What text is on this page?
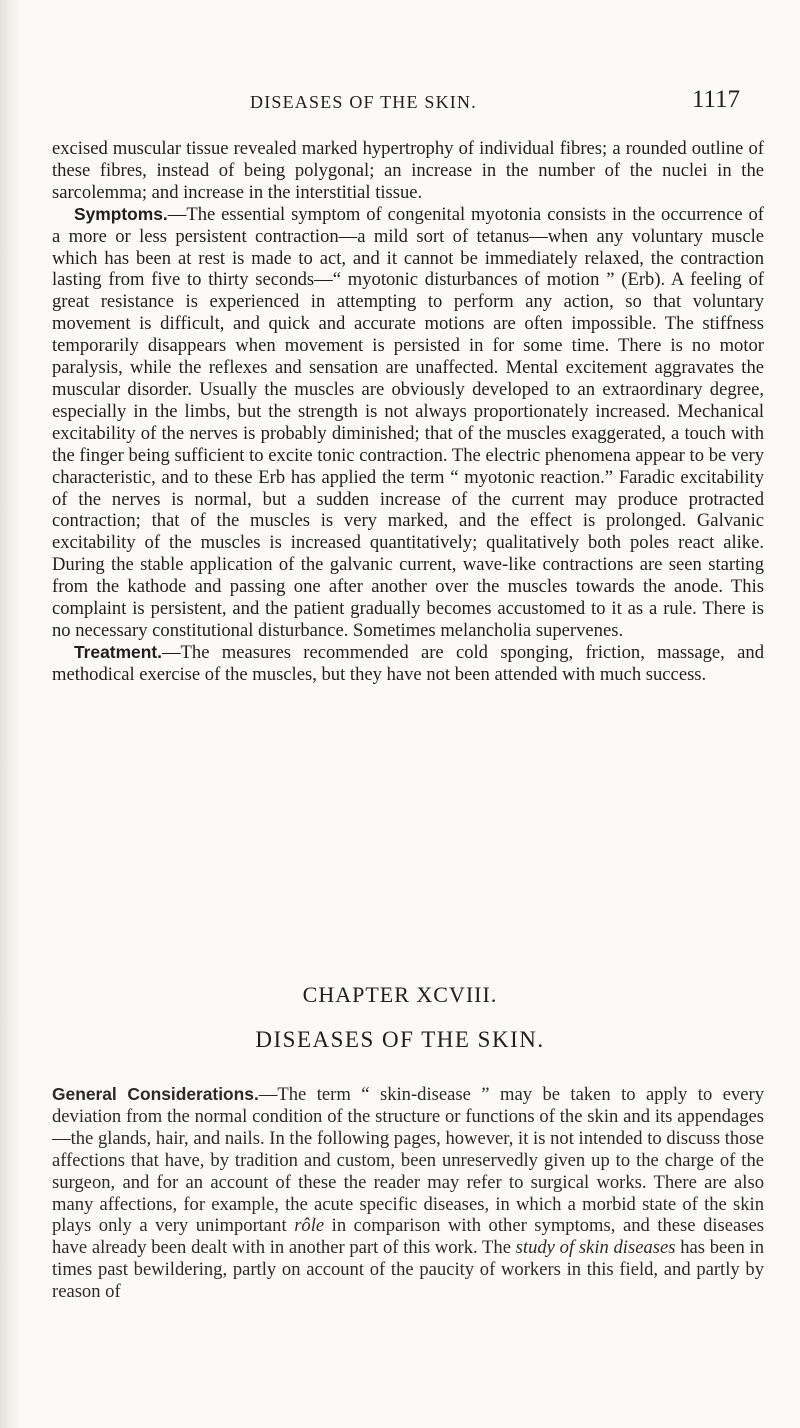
DISEASES OF THE SKIN.	1117

excised muscular tissue revealed marked hypertrophy of individual fibres; a rounded outline of these fibres, instead of being polygonal; an increase in the number of the nuclei in the sarcolemma; and increase in the interstitial tissue.

Symptoms.—The essential symptom of congenital myotonia consists in the occurrence of a more or less persistent contraction—a mild sort of tetanus—when any voluntary muscle which has been at rest is made to act, and it cannot be immediately relaxed, the contraction lasting from five to thirty seconds—“ myotonic disturbances of motion ” (Erb). A feeling of great resistance is experienced in attempting to perform any action, so that voluntary movement is difficult, and quick and accurate motions are often impossible. The stiffness temporarily disappears when movement is persisted in for some time. There is no motor paralysis, while the reflexes and sensation are unaffected. Mental excitement aggravates the muscular disorder. Usually the muscles are obviously developed to an extraordinary degree, especially in the limbs, but the strength is not always proportionately increased. Mechanical excitability of the nerves is probably diminished; that of the muscles exaggerated, a touch with the finger being sufficient to excite tonic contraction. The electric phenomena appear to be very characteristic, and to these Erb has applied the term “ myotonic reaction.” Faradic excitability of the nerves is normal, but a sudden increase of the current may produce protracted contraction; that of the muscles is very marked, and the effect is prolonged. Galvanic excitability of the muscles is increased quantitatively; qualitatively both poles react alike. During the stable application of the galvanic current, wave-like contractions are seen starting from the kathode and passing one after another over the muscles towards the anode. This complaint is persistent, and the patient gradually becomes accustomed to it as a rule. There is no necessary constitutional disturbance. Sometimes melancholia supervenes.

Treatment.—The measures recommended are cold sponging, friction, massage, and methodical exercise of the muscles, but they have not been attended with much success.

CHAPTER XCVIII.
DISEASES OF THE SKIN.

General Considerations.—The term “ skin-disease ” may be taken to apply to every deviation from the normal condition of the structure or functions of the skin and its appendages—the glands, hair, and nails. In the following pages, however, it is not intended to discuss those affections that have, by tradition and custom, been unreservedly given up to the charge of the surgeon, and for an account of these the reader may refer to surgical works. There are also many affections, for example, the acute specific diseases, in which a morbid state of the skin plays only a very unimportant rôle in comparison with other symptoms, and these diseases have already been dealt with in another part of this work. The study of skin diseases has been in times past bewildering, partly on account of the paucity of workers in this field, and partly by reason of
